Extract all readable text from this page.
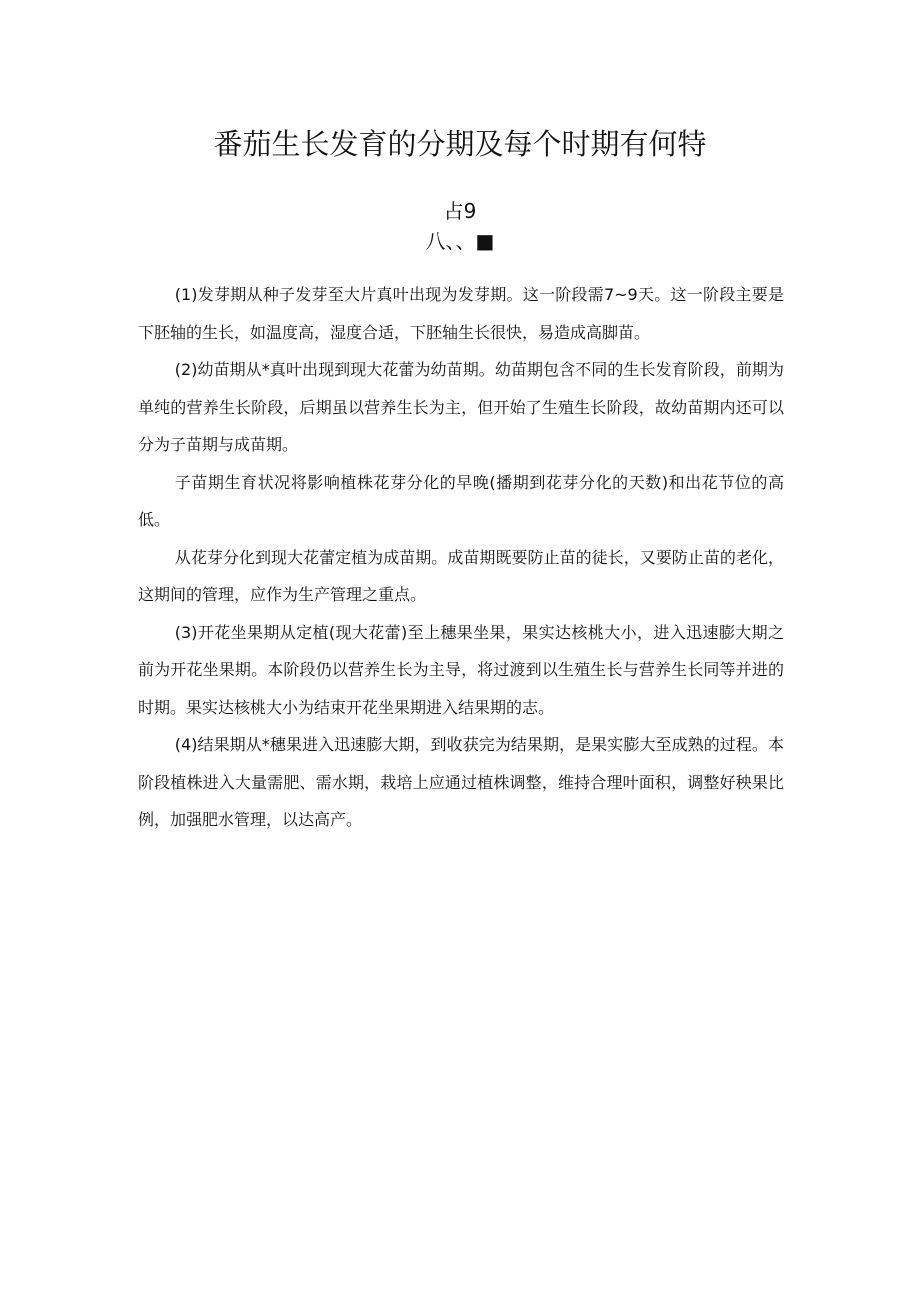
番茄生长发育的分期及每个时期有何特

占9

八、、■

(1)发芽期从种子发芽至大片真叶出现为发芽期。这一阶段需7~9天。这一阶段主要是下胚轴的生长，如温度高，湿度合适，下胚轴生长很快，易造成高脚苗。

(2)幼苗期从*真叶出现到现大花蕾为幼苗期。幼苗期包含不同的生长发育阶段，前期为单纯的营养生长阶段，后期虽以营养生长为主，但开始了生殖生长阶段，故幼苗期内还可以分为子苗期与成苗期。

子苗期生育状况将影响植株花芽分化的早晚(播期到花芽分化的天数)和出花节位的高低。

从花芽分化到现大花蕾定植为成苗期。成苗期既要防止苗的徒长，又要防止苗的老化，这期间的管理，应作为生产管理之重点。

(3)开花坐果期从定植(现大花蕾)至上穗果坐果，果实达核桃大小，进入迅速膨大期之前为开花坐果期。本阶段仍以营养生长为主导，将过渡到以生殖生长与营养生长同等并进的时期。果实达核桃大小为结束开花坐果期进入结果期的志。

(4)结果期从*穗果进入迅速膨大期，到收获完为结果期，是果实膨大至成熟的过程。本阶段植株进入大量需肥、需水期，栽培上应通过植株调整，维持合理叶面积，调整好秧果比例，加强肥水管理，以达高产。
